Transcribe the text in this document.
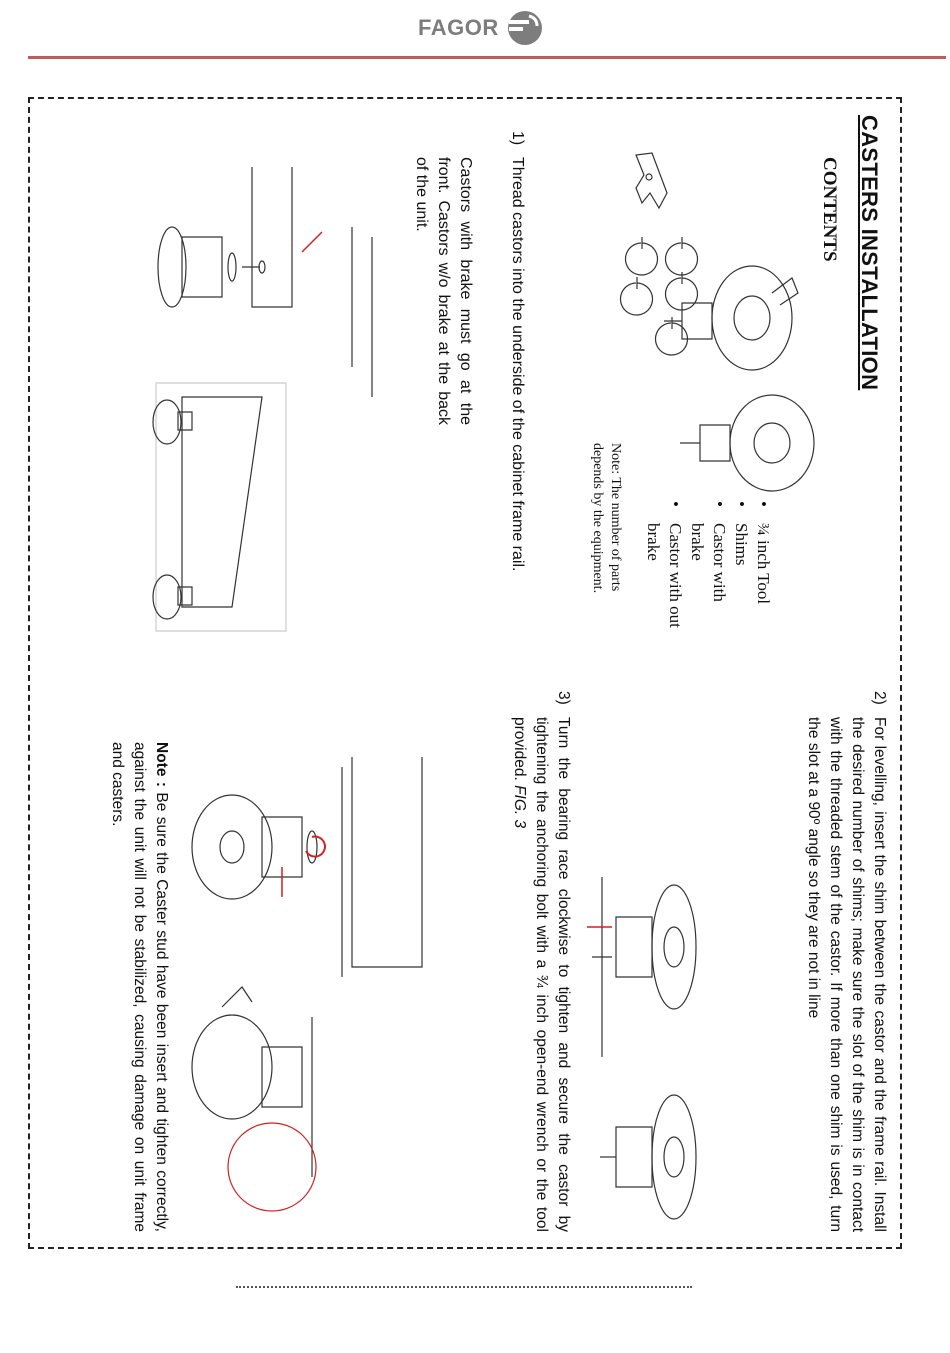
FAGOR
CASTERS INSTALLATION
CONTENTS
• ¾ inch Tool
• Shims
• Castor with brake
• Castor with out brake
Note: The number of parts depends by the equipment.
1)Thread castors into the underside of the cabinet frame rail.
Castors with brake must go at the front. Castors w/o brake at the back of the unit.
2)
For levelling, insert the shim between the castor and the frame rail. Install the desired number of shims; make sure the slot of the shim is in contact with the threaded stem of the castor. If more than one shim is used, turn the slot at a 90º angle so they are not in line
3)
Turn the bearing race clockwise to tighten and secure the castor by tightening the anchoring bolt with a ¾ inch open-end wrench or the tool provided. FIG. 3
Note : Be sure the Caster stud have been insert and tighten correctly, against the unit will not be stabilized, causing damage on unit frame and casters.
